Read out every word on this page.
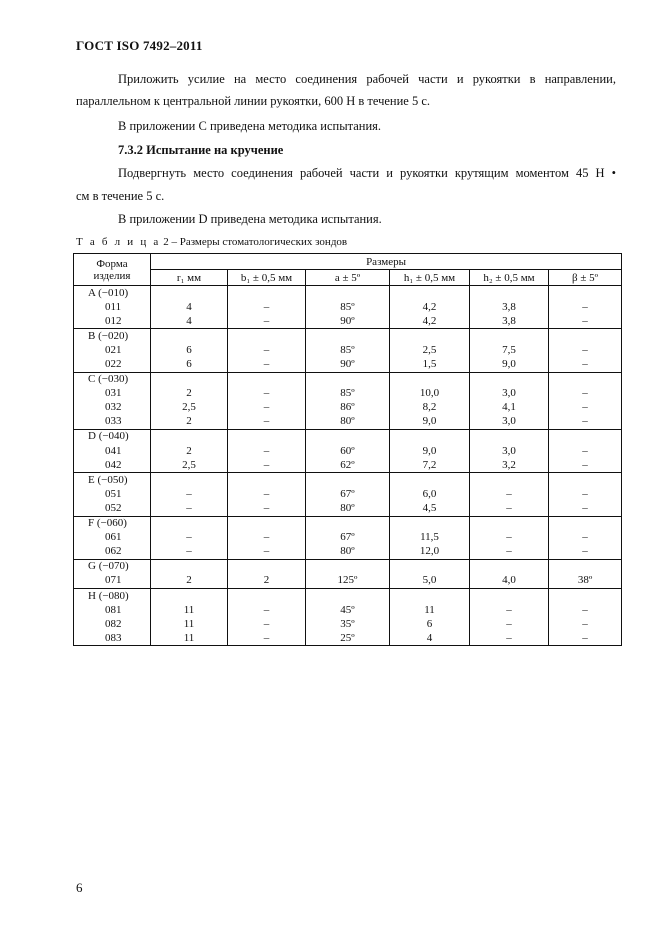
ГОСТ ISO 7492–2011
Приложить усилие на место соединения рабочей части и рукоятки в направлении,
параллельном к центральной линии рукоятки, 600 Н в течение 5 с.
В приложении С приведена методика испытания.
7.3.2 Испытание на кручение
Подвергнуть место соединения рабочей части и рукоятки крутящим моментом 45 Н •
см в течение 5 с.
В приложении D приведена методика испытания.
Т а б л и ц а 2 – Размеры стоматологических зондов
Форма
изделия	Размеры					
	r₁ мм	b₁ ± 0,5 мм	a ± 5º	h₁ ± 0,5 мм	h₂ ± 0,5 мм	β ± 5º
A (−010)						
011	4	–	85º	4,2	3,8	–
012	4	–	90º	4,2	3,8	–
B (−020)						
021	6	–	85º	2,5	7,5	–
022	6	–	90º	1,5	9,0	–
C (−030)						
031	2	–	85º	10,0	3,0	–
032	2,5	–	86º	8,2	4,1	–
033	2	–	80º	9,0	3,0	–
D (−040)						
041	2	–	60º	9,0	3,0	–
042	2,5	–	62º	7,2	3,2	–
E (−050)						
051	–	–	67º	6,0	–	–
052	–	–	80º	4,5	–	–
F (−060)						
061	–	–	67º	11,5	–	–
062	–	–	80º	12,0	–	–
G (−070)						
071	2	2	125º	5,0	4,0	38º
H (−080)						
081	11	–	45º	11	–	–
082	11	–	35º	6	–	–
083	11	–	25º	4	–	–
6
